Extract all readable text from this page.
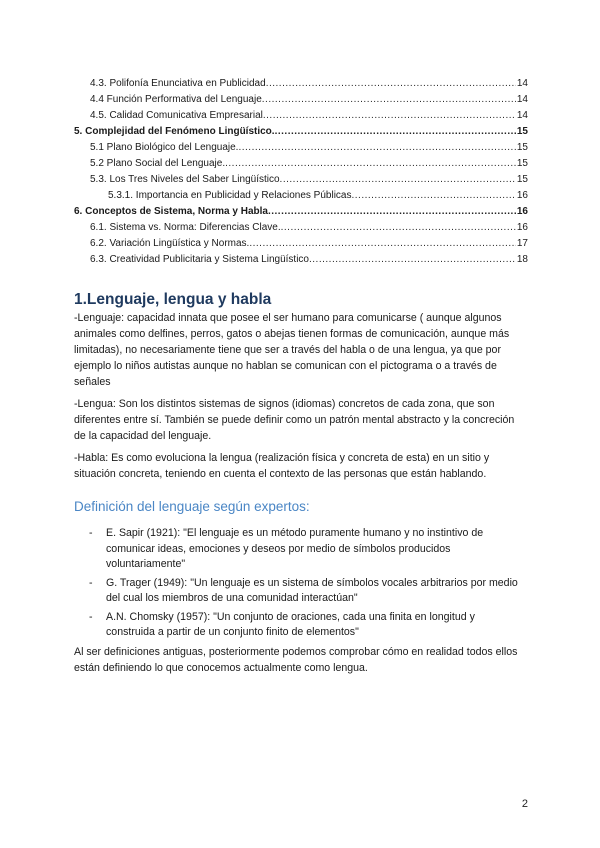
4.3. Polifonía Enunciativa en Publicidad .....	14
4.4 Función Performativa del Lenguaje .....	14
4.5. Calidad Comunicativa Empresarial .....	14
5. Complejidad del Fenómeno Lingüístico. .....	15
5.1 Plano Biológico del Lenguaje. .....	15
5.2 Plano Social del Lenguaje. .....	15
5.3. Los Tres Niveles del Saber Lingüístico .....	15
5.3.1. Importancia en Publicidad y Relaciones Públicas .....	16
6. Conceptos de Sistema, Norma y Habla .....	16
6.1. Sistema vs. Norma: Diferencias Clave. .....	16
6.2. Variación Lingüística y Normas. .....	17
6.3. Creatividad Publicitaria y Sistema Lingüístico .....	18
1.Lenguaje, lengua y habla

-Lenguaje: capacidad innata que posee el ser humano para comunicarse ( aunque algunos animales como delfines, perros, gatos o abejas tienen formas de comunicación, aunque más limitadas), no necesariamente tiene que ser a través del habla o de una lengua, ya que por ejemplo lo niños autistas aunque no hablan se comunican con el pictograma o a través de señales

-Lengua: Son los distintos sistemas de signos (idiomas) concretos de cada zona, que son diferentes entre sí. También se puede definir como un patrón mental abstracto y la concreción de la capacidad del lenguaje.

-Habla: Es como evoluciona la lengua (realización física y concreta de esta) en un sitio y situación concreta, teniendo en cuenta el contexto de las personas que están hablando.

Definición del lenguaje según expertos:
- E. Sapir (1921): "El lenguaje es un método puramente humano y no instintivo de comunicar ideas, emociones y deseos por medio de símbolos producidos voluntariamente"
- G. Trager (1949): "Un lenguaje es un sistema de símbolos vocales arbitrarios por medio del cual los miembros de una comunidad interactúan"
- A.N. Chomsky (1957): "Un conjunto de oraciones, cada una finita en longitud y construida a partir de un conjunto finito de elementos"

Al ser definiciones antiguas, posteriormente podemos comprobar cómo en realidad todos ellos están definiendo lo que conocemos actualmente como lengua.

2
